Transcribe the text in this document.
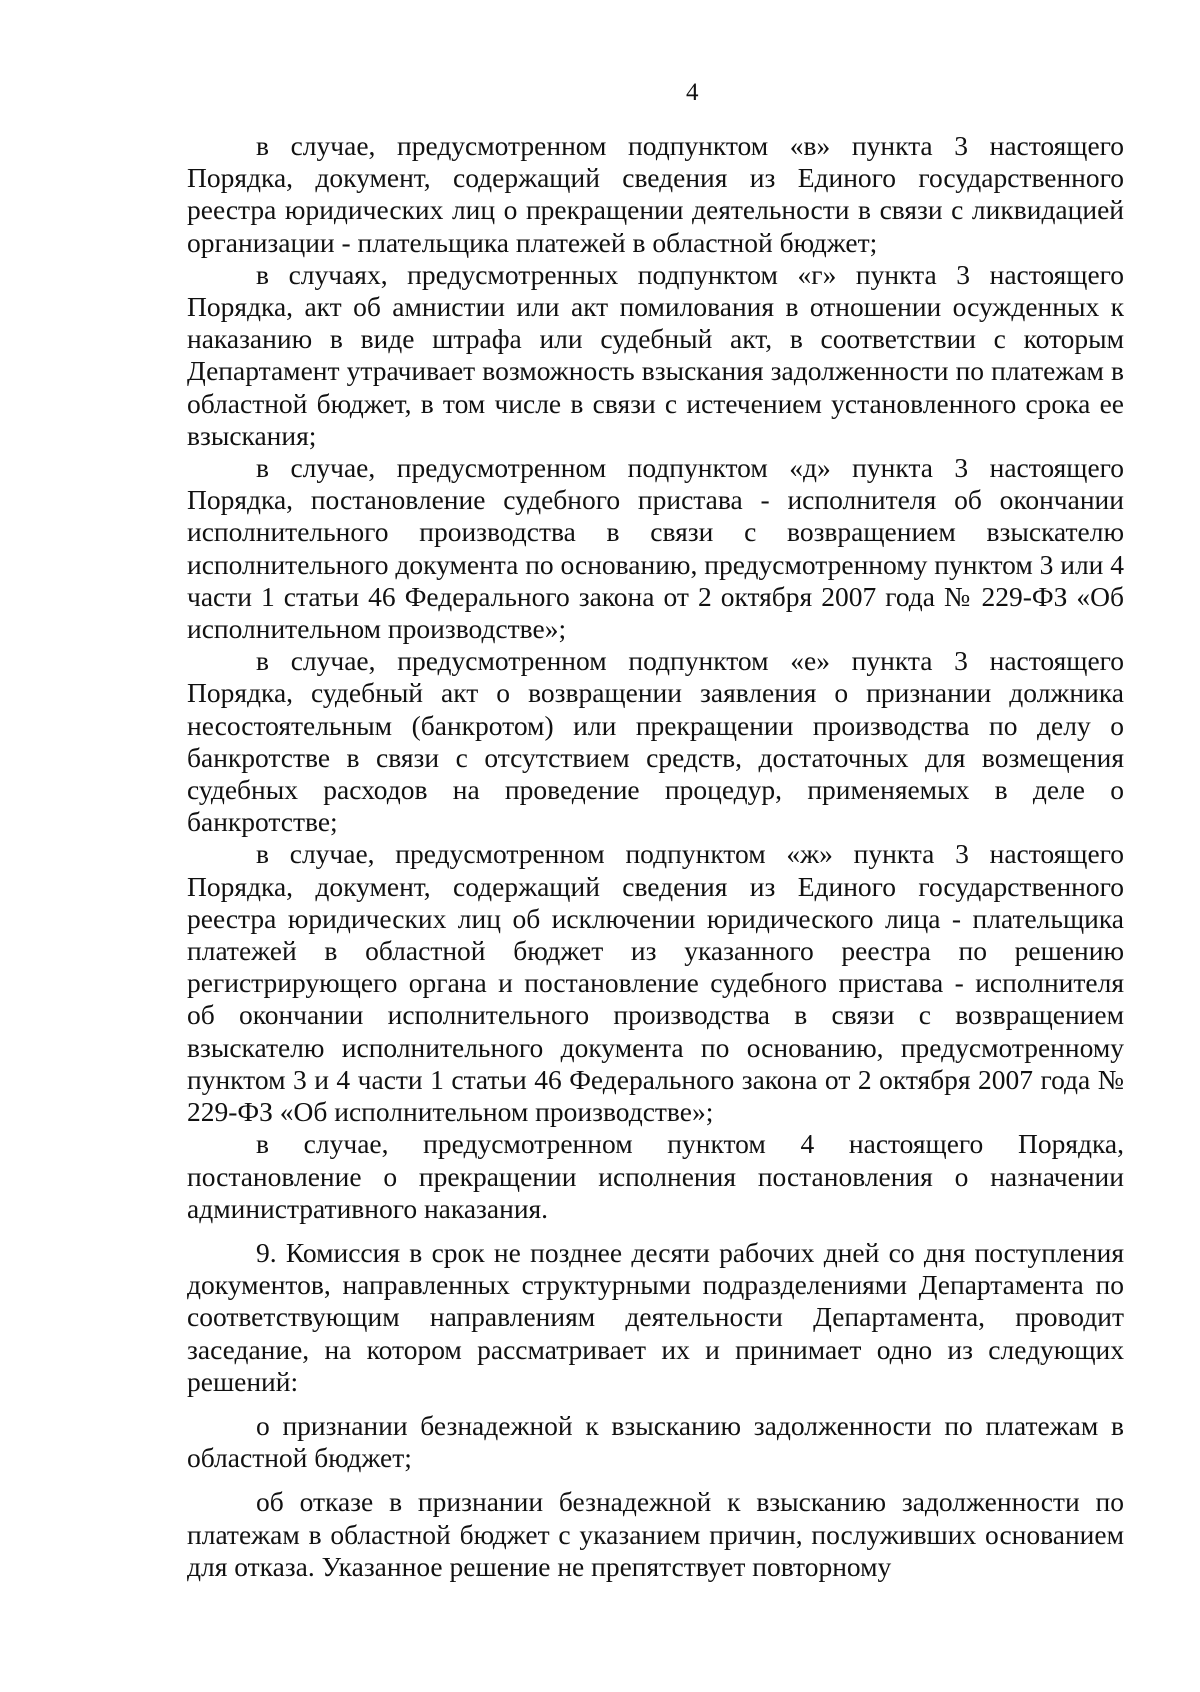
4

в случае, предусмотренном подпунктом «в» пункта 3 настоящего Порядка, документ, содержащий сведения из Единого государственного реестра юридических лиц о прекращении деятельности в связи с ликвидацией организации - плательщика платежей в областной бюджет;

в случаях, предусмотренных подпунктом «г» пункта 3 настоящего Порядка, акт об амнистии или акт помилования в отношении осужденных к наказанию в виде штрафа или судебный акт, в соответствии с которым Департамент утрачивает возможность взыскания задолженности по платежам в областной бюджет, в том числе в связи с истечением установленного срока ее взыскания;

в случае, предусмотренном подпунктом «д» пункта 3 настоящего Порядка, постановление судебного пристава - исполнителя об окончании исполнительного производства в связи с возвращением взыскателю исполнительного документа по основанию, предусмотренному пунктом 3 или 4 части 1 статьи 46 Федерального закона от 2 октября 2007 года № 229-ФЗ «Об исполнительном производстве»;

в случае, предусмотренном подпунктом «е» пункта 3 настоящего Порядка, судебный акт о возвращении заявления о признании должника несостоятельным (банкротом) или прекращении производства по делу о банкротстве в связи с отсутствием средств, достаточных для возмещения судебных расходов на проведение процедур, применяемых в деле о банкротстве;

в случае, предусмотренном подпунктом «ж» пункта 3 настоящего Порядка, документ, содержащий сведения из Единого государственного реестра юридических лиц об исключении юридического лица - плательщика платежей в областной бюджет из указанного реестра по решению регистрирующего органа и постановление судебного пристава - исполнителя об окончании исполнительного производства в связи с возвращением взыскателю исполнительного документа по основанию, предусмотренному пунктом 3 и 4 части 1 статьи 46 Федерального закона от 2 октября 2007 года № 229-ФЗ «Об исполнительном производстве»;

в случае, предусмотренном пунктом 4 настоящего Порядка, постановление о прекращении исполнения постановления о назначении административного наказания.

9. Комиссия в срок не позднее десяти рабочих дней со дня поступления документов, направленных структурными подразделениями Департамента по соответствующим направлениям деятельности Департамента, проводит заседание, на котором рассматривает их и принимает одно из следующих решений:

о признании безнадежной к взысканию задолженности по платежам в областной бюджет;

об отказе в признании безнадежной к взысканию задолженности по платежам в областной бюджет с указанием причин, послуживших основанием для отказа. Указанное решение не препятствует повторному
